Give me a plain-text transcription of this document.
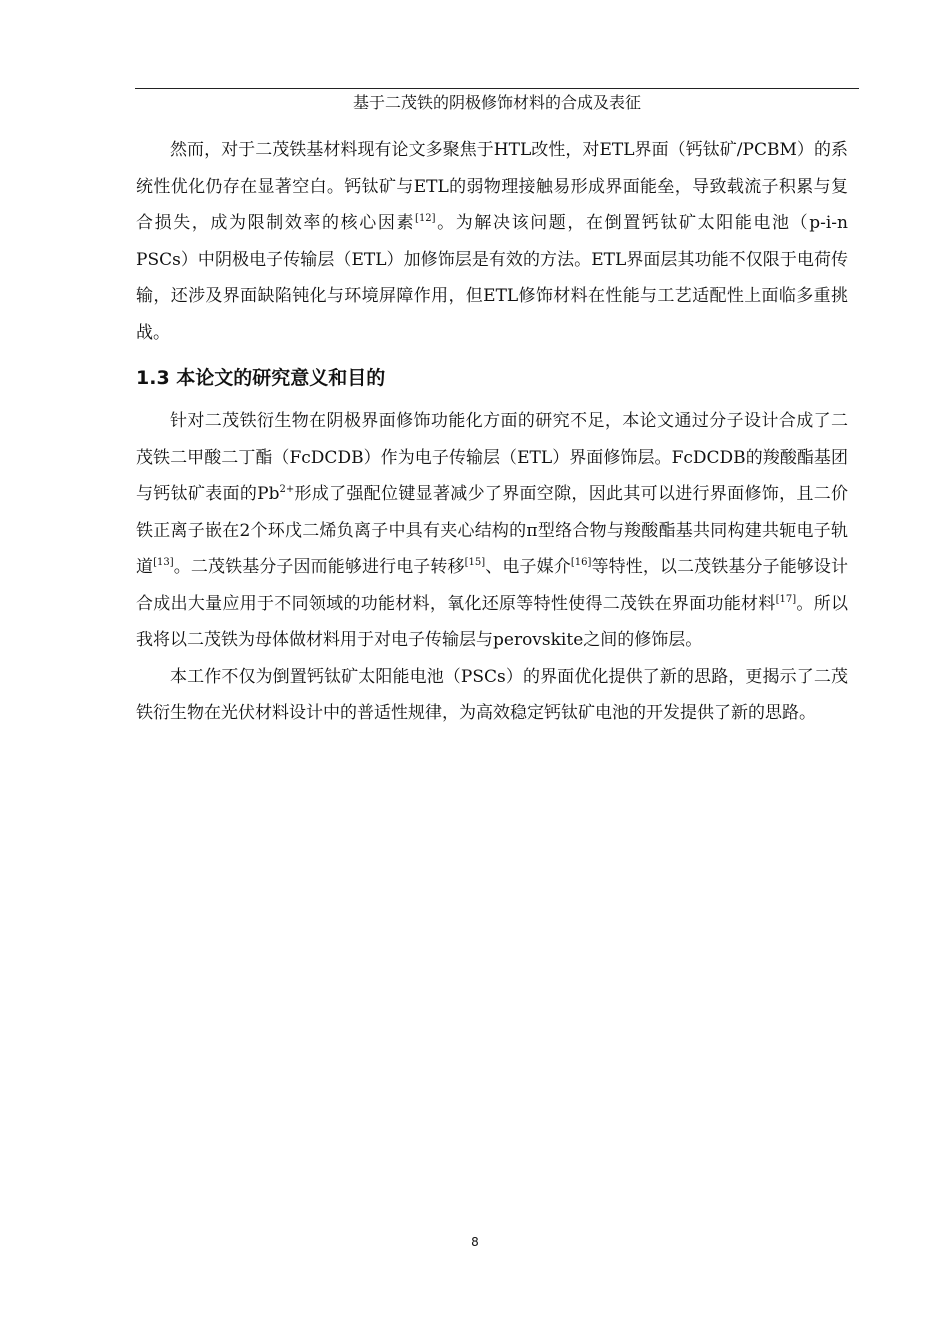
基于二茂铁的阴极修饰材料的合成及表征

然而，对于二茂铁基材料现有论文多聚焦于HTL改性，对ETL界面（钙钛矿/PCBM）的系统性优化仍存在显著空白。钙钛矿与ETL的弱物理接触易形成界面能垒，导致载流子积累与复合损失，成为限制效率的核心因素[12]。为解决该问题，在倒置钙钛矿太阳能电池（p-i-n PSCs）中阴极电子传输层（ETL）加修饰层是有效的方法。ETL界面层其功能不仅限于电荷传输，还涉及界面缺陷钝化与环境屏障作用，但ETL修饰材料在性能与工艺适配性上面临多重挑战。

1.3 本论文的研究意义和目的

针对二茂铁衍生物在阴极界面修饰功能化方面的研究不足，本论文通过分子设计合成了二茂铁二甲酸二丁酯（FcDCDB）作为电子传输层（ETL）界面修饰层。FcDCDB的羧酸酯基团与钙钛矿表面的$Pb^{2+}$形成了强配位键显著减少了界面空隙，因此其可以进行界面修饰，且二价铁正离子嵌在2个环戊二烯负离子中具有夹心结构的π型络合物与羧酸酯基共同构建共轭电子轨道[13]。二茂铁基分子因而能够进行电子转移[15]、电子媒介[16]等特性，以二茂铁基分子能够设计合成出大量应用于不同领域的功能材料，氧化还原等特性使得二茂铁在界面功能材料[17]。所以我将以二茂铁为母体做材料用于对电子传输层与perovskite之间的修饰层。

本工作不仅为倒置钙钛矿太阳能电池（PSCs）的界面优化提供了新的思路，更揭示了二茂铁衍生物在光伏材料设计中的普适性规律，为高效稳定钙钛矿电池的开发提供了新的思路。

8
